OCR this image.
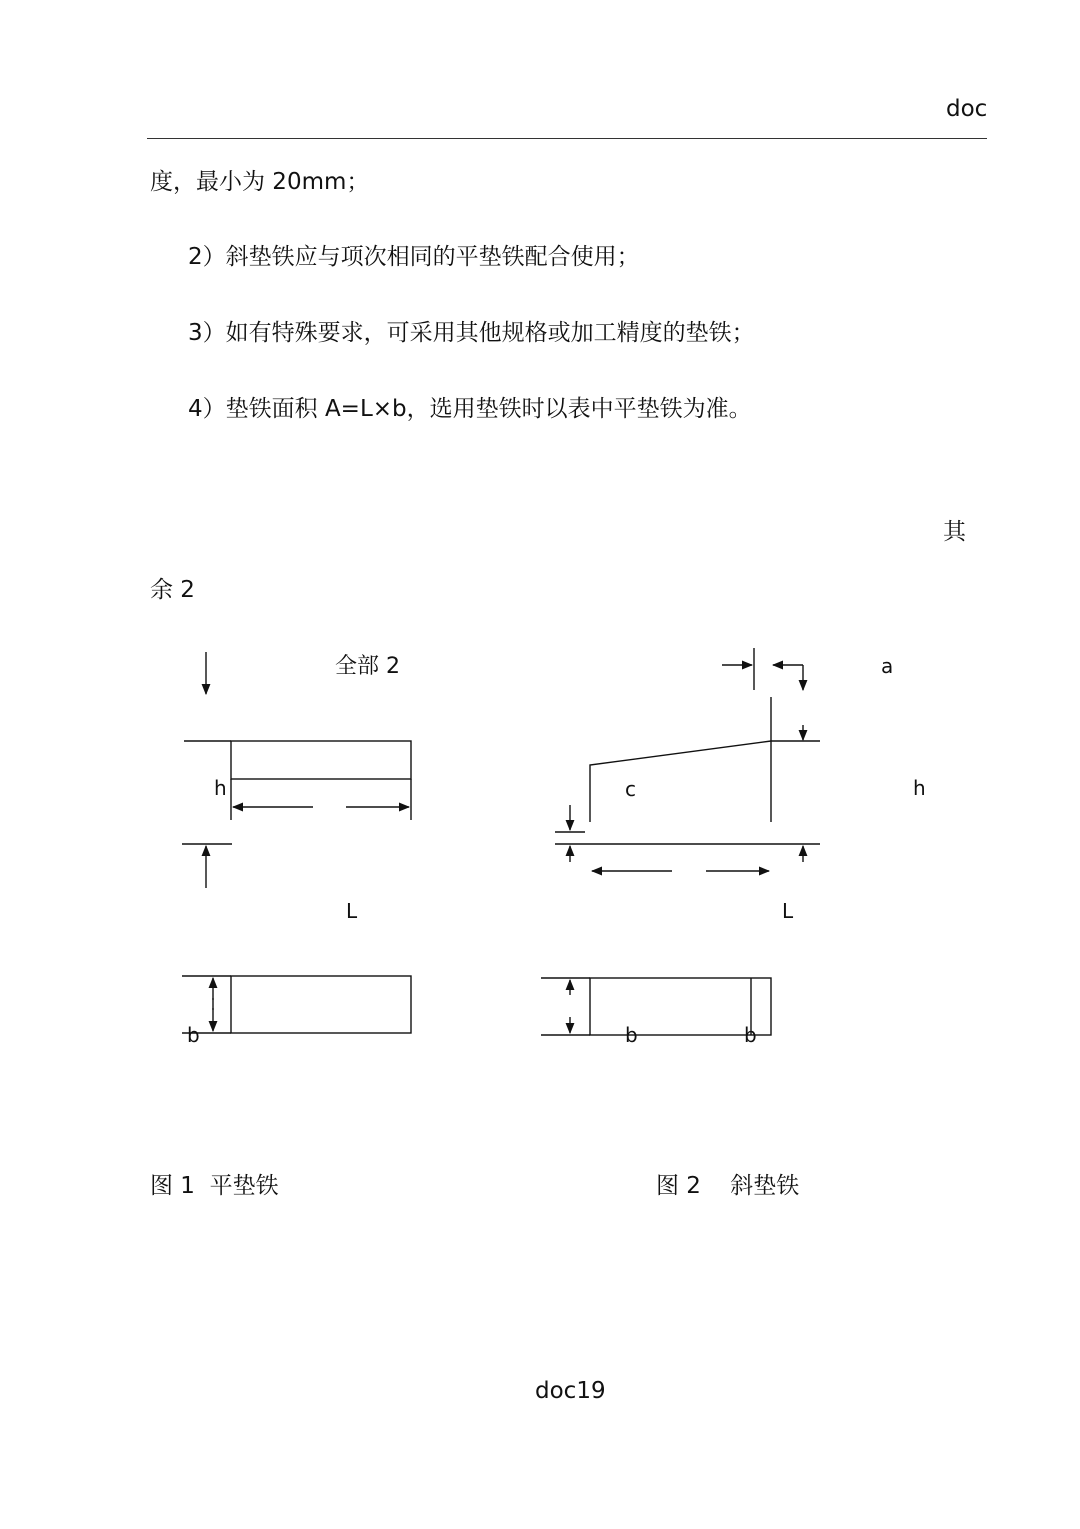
doc
度，最小为 20mm；
2）斜垫铁应与项次相同的平垫铁配合使用；
3）如有特殊要求，可采用其他规格或加工精度的垫铁；
4）垫铁面积 A=L×b，选用垫铁时以表中平垫铁为准。
其
余 2
全部 2
h
L
b
a
c	h
L
b	b
图 1  平垫铁	图 2    斜垫铁
doc19
